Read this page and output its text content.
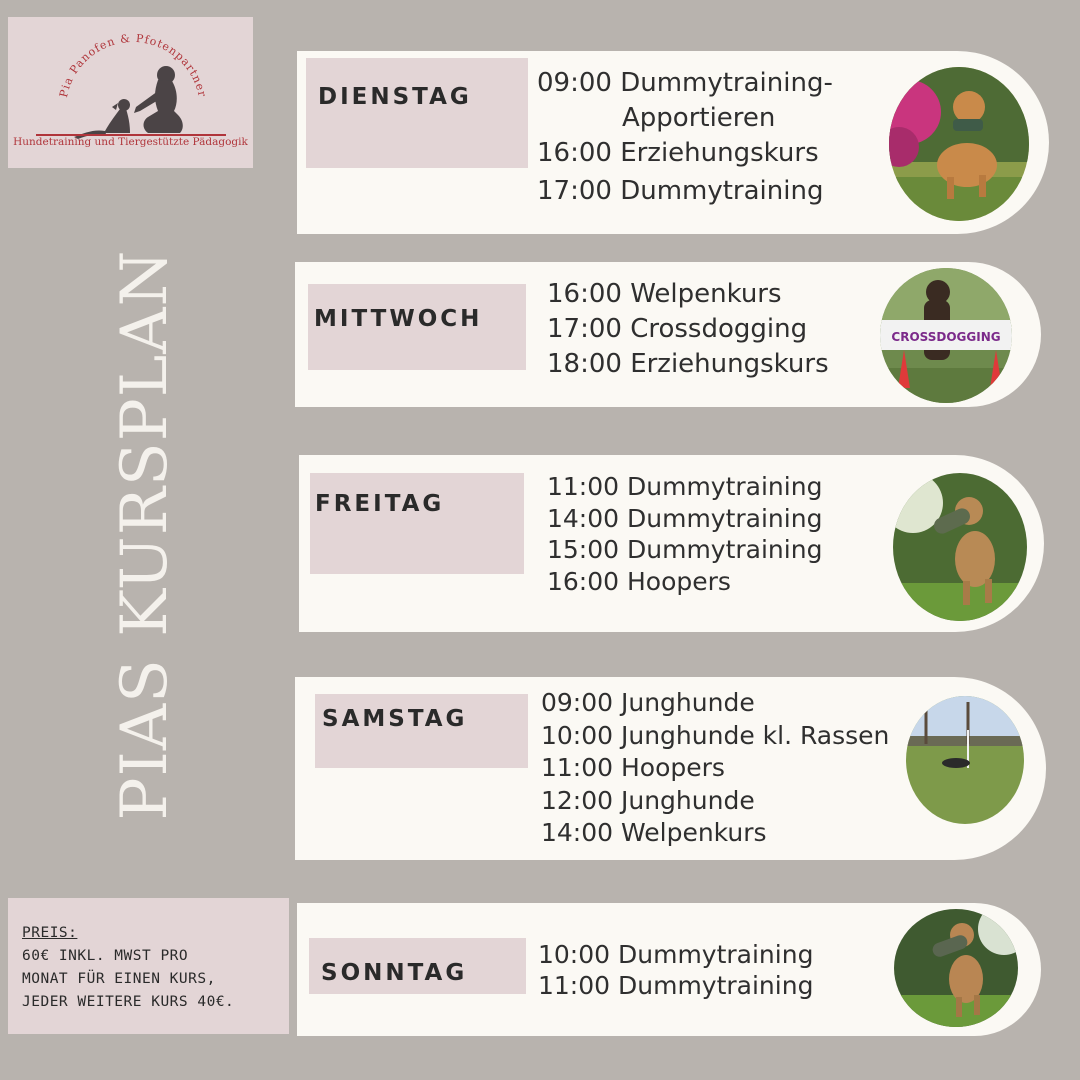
Pia Panofen & Pfotenpartner
Hundetraining und Tiergestützte Pädagogik
PIAS KURSPLAN
DIENSTAG	09:00 Dummytraining-
Apportieren
16:00 Erziehungskurs
17:00 Dummytraining
MITTWOCH
16:00 Welpenkurs
17:00 Crossdogging
18:00 Erziehungskurs
CROSSDOGGING
FREITAG
11:00 Dummytraining
14:00 Dummytraining
15:00 Dummytraining
16:00 Hoopers
SAMSTAG
09:00 Junghunde
10:00 Junghunde kl. Rassen
11:00 Hoopers
12:00 Junghunde
14:00 Welpenkurs
SONNTAG
10:00 Dummytraining
11:00 Dummytraining
PREIS:
60€ INKL. MWST PRO
MONAT FÜR EINEN KURS,
JEDER WEITERE KURS 40€.
